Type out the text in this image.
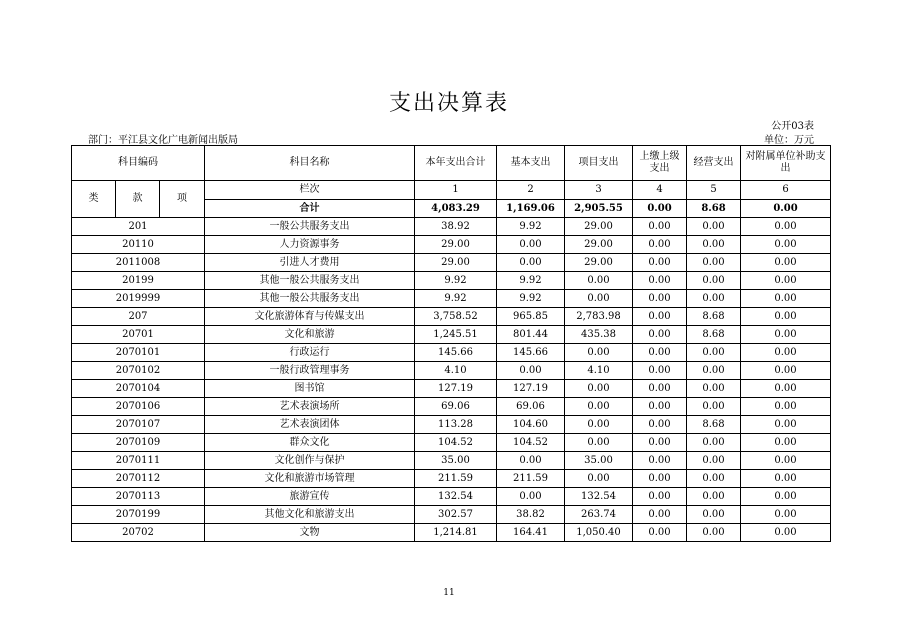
支出决算表
公开03表
部门：平江县文化广电新闻出版局	单位：万元
科目编码			科目名称	本年支出合计	基本支出	项目支出	上缴上级支出	经营支出	对附属单位补助支出
类	款	项	栏次	1	2	3	4	5	6
			合计	4,083.29	1,169.06	2,905.55	0.00	8.68	0.00
201			一般公共服务支出	38.92	9.92	29.00	0.00	0.00	0.00
20110			人力资源事务	29.00	0.00	29.00	0.00	0.00	0.00
2011008			引进人才费用	29.00	0.00	29.00	0.00	0.00	0.00
20199			其他一般公共服务支出	9.92	9.92	0.00	0.00	0.00	0.00
2019999			其他一般公共服务支出	9.92	9.92	0.00	0.00	0.00	0.00
207			文化旅游体育与传媒支出	3,758.52	965.85	2,783.98	0.00	8.68	0.00
20701			文化和旅游	1,245.51	801.44	435.38	0.00	8.68	0.00
2070101			行政运行	145.66	145.66	0.00	0.00	0.00	0.00
2070102			一般行政管理事务	4.10	0.00	4.10	0.00	0.00	0.00
2070104			图书馆	127.19	127.19	0.00	0.00	0.00	0.00
2070106			艺术表演场所	69.06	69.06	0.00	0.00	0.00	0.00
2070107			艺术表演团体	113.28	104.60	0.00	0.00	8.68	0.00
2070109			群众文化	104.52	104.52	0.00	0.00	0.00	0.00
2070111			文化创作与保护	35.00	0.00	35.00	0.00	0.00	0.00
2070112			文化和旅游市场管理	211.59	211.59	0.00	0.00	0.00	0.00
2070113			旅游宣传	132.54	0.00	132.54	0.00	0.00	0.00
2070199			其他文化和旅游支出	302.57	38.82	263.74	0.00	0.00	0.00
20702			文物	1,214.81	164.41	1,050.40	0.00	0.00	0.00
11
